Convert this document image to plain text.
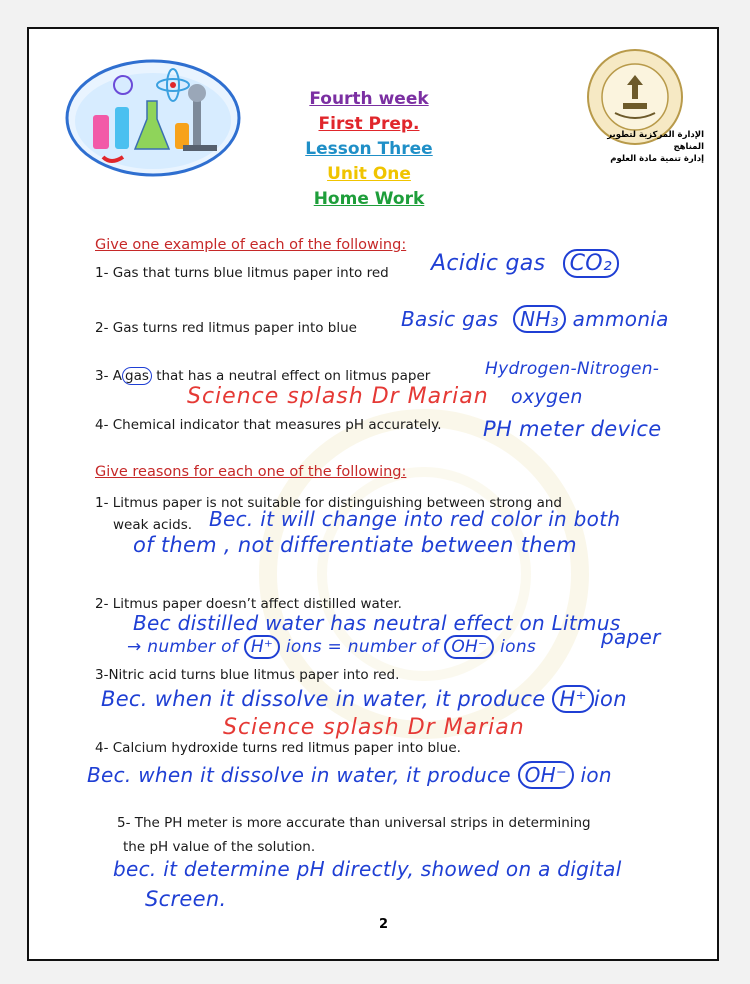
Fourth week
First Prep.
Lesson Three
Unit One
Home Work
الإدارة المركزية لتطوير المناهج
إدارة تنمية مادة العلوم
Give one example of each of the following:
1- Gas that turns blue litmus paper into red Acidic gas CO₂
2- Gas turns red litmus paper into blue Basic gas NH₃ ammonia
3- A gas that has a neutral effect on litmus paper	Hydrogen-Nitrogen-
Science splash Dr Marian oxygen
4- Chemical indicator that measures pH accurately. PH meter device
Give reasons for each one of the following:
1- Litmus paper is not suitable for distinguishing between strong and
weak acids. Bec. it will change into red color in both
of them , not differentiate between them
2- Litmus paper doesn’t affect distilled water.
Bec distilled water has neutral effect on Litmus
→ number of H⁺ ions = number of OH⁻ ions	paper
3-Nitric acid turns blue litmus paper into red.
Bec. when it dissolve in water, it produce H⁺ ion
Science splash Dr Marian
4- Calcium hydroxide turns red litmus paper into blue.
Bec. when it dissolve in water, it produce OH⁻ ion
5- The PH meter is more accurate than universal strips in determining
the pH value of the solution.
bec. it determine pH directly, showed on a digital
Screen.
2
